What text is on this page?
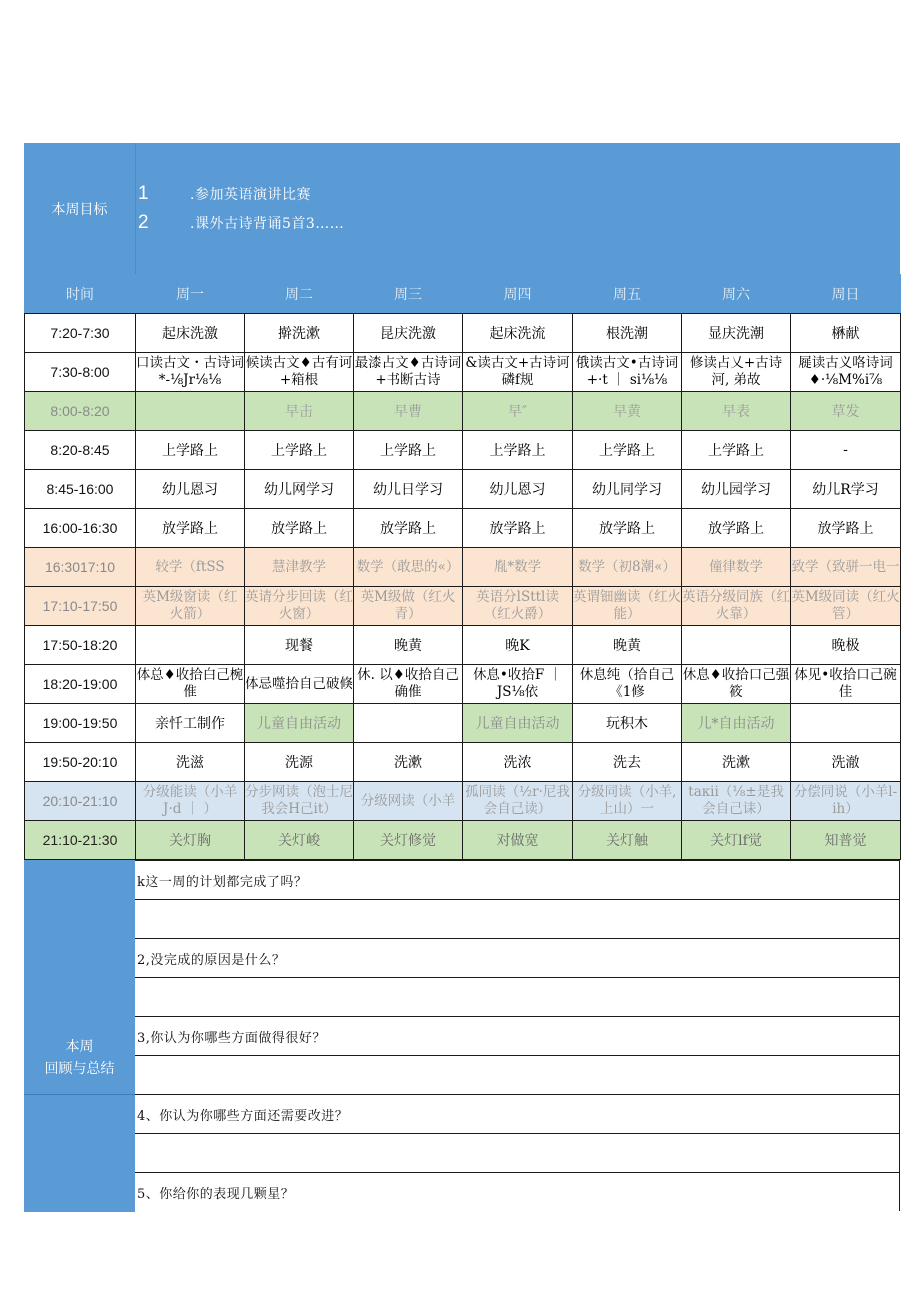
本周目标
1	.参加英语演讲比赛
2	.课外古诗背诵5首3……
时间	周一	周二	周三	周四	周五	周六	周日
7:20-7:30	起床洗激	擀洗漱	昆庆洗激	起床洗流	根洗潮	显庆洗潮	楙献
7:30-8:00	口读古文・古诗词*-⅛Jr⅛⅛	候读古文♦古有诃+箱根	最漆占文♦古诗词+书断古诗	&读古文+古诗诃磷f规	俄读古文•古诗词+·t ｜ si⅛⅛	修读占乂+古诗河, 弟故	屣读古义咯诗词♦·⅛M%i⅞
8:00-8:20		早击	早曹	早″	早黄	早表	草发
8:20-8:45	上学路上	上学路上	上学路上	上学路上	上学路上	上学路上	-
8:45-16:00	幼儿恩习	幼儿网学习	幼儿日学习	幼儿恩习	幼儿同学习	幼儿园学习	幼儿R学习
16:00-16:30	放学路上	放学路上	放学路上	放学路上	放学路上	放学路上	放学路上
16:3017:10	较学（ftSS	慧津教学	数学（敢思的«）	胤*数学	数学（初8潮«）	僮律数学	致学（致骈一电一
17:10-17:50	英M级窗读（红火箭）	英请分步回读（红火窗）	英M级做（红火青）	英语分lSttl读（红火爵）	英谓钿幽读（红火能）	英语分级同族（红火靠）	英M级同读（红火管）
17:50-18:20		现餐	晚黄	晚K	晚黄		晚极
18:20-19:00	体总♦收拾白己椀倠	体忌噬拾自己破倏	休. 以♦收拾自己确倠	休息•收拾F ｜ JS⅛依	休息纯（拾自己《1修	休息♦收拾口己强筱	体见•收拾口己碗佳
19:00-19:50	亲忏工制作	儿童自由活动		儿童自由活动	玩积木	儿*自由活动	
19:50-20:10	洗滋	洗源	洗漱	洗浓	洗去	洗漱	洗澈
20:10-21:10	分级能读（小羊J·d ｜ ）	分步网读（泡士尼我会H己it）	分级网读（小羊	孤同读（½r·尼我会自己读）	分级同读（小羊, 上山）一	taкii（⅛±是我会自己诔）	分偿同说（小羊l-ih）
21:10-21:30	关灯胸	关灯峻	关灯修觉	对做宽	关灯触	关灯lf觉	知普觉
本周
回顾与总结
k这一周的计划都完成了吗？
2,没完成的原因是什么？
3,你认为你哪些方面做得很好？
4、你认为你哪些方面还需要改进？
5、你给你的表现几颗星？
